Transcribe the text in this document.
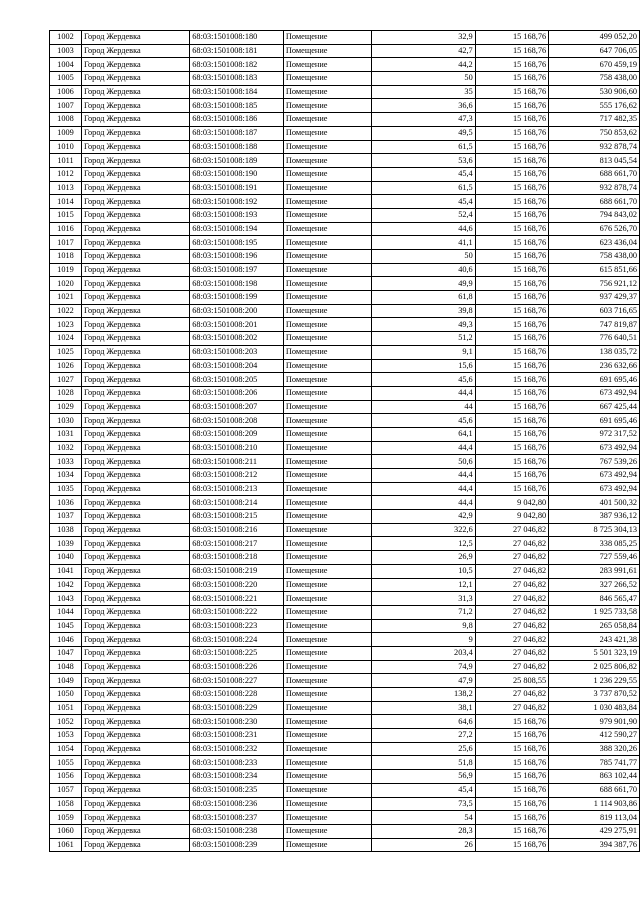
1002	Город Жердевка	68:03:1501008:180	Помещение	32,9	15 168,76	499 052,20
1003	Город Жердевка	68:03:1501008:181	Помещение	42,7	15 168,76	647 706,05
1004	Город Жердевка	68:03:1501008:182	Помещение	44,2	15 168,76	670 459,19
1005	Город Жердевка	68:03:1501008:183	Помещение	50	15 168,76	758 438,00
1006	Город Жердевка	68:03:1501008:184	Помещение	35	15 168,76	530 906,60
1007	Город Жердевка	68:03:1501008:185	Помещение	36,6	15 168,76	555 176,62
1008	Город Жердевка	68:03:1501008:186	Помещение	47,3	15 168,76	717 482,35
1009	Город Жердевка	68:03:1501008:187	Помещение	49,5	15 168,76	750 853,62
1010	Город Жердевка	68:03:1501008:188	Помещение	61,5	15 168,76	932 878,74
1011	Город Жердевка	68:03:1501008:189	Помещение	53,6	15 168,76	813 045,54
1012	Город Жердевка	68:03:1501008:190	Помещение	45,4	15 168,76	688 661,70
1013	Город Жердевка	68:03:1501008:191	Помещение	61,5	15 168,76	932 878,74
1014	Город Жердевка	68:03:1501008:192	Помещение	45,4	15 168,76	688 661,70
1015	Город Жердевка	68:03:1501008:193	Помещение	52,4	15 168,76	794 843,02
1016	Город Жердевка	68:03:1501008:194	Помещение	44,6	15 168,76	676 526,70
1017	Город Жердевка	68:03:1501008:195	Помещение	41,1	15 168,76	623 436,04
1018	Город Жердевка	68:03:1501008:196	Помещение	50	15 168,76	758 438,00
1019	Город Жердевка	68:03:1501008:197	Помещение	40,6	15 168,76	615 851,66
1020	Город Жердевка	68:03:1501008:198	Помещение	49,9	15 168,76	756 921,12
1021	Город Жердевка	68:03:1501008:199	Помещение	61,8	15 168,76	937 429,37
1022	Город Жердевка	68:03:1501008:200	Помещение	39,8	15 168,76	603 716,65
1023	Город Жердевка	68:03:1501008:201	Помещение	49,3	15 168,76	747 819,87
1024	Город Жердевка	68:03:1501008:202	Помещение	51,2	15 168,76	776 640,51
1025	Город Жердевка	68:03:1501008:203	Помещение	9,1	15 168,76	138 035,72
1026	Город Жердевка	68:03:1501008:204	Помещение	15,6	15 168,76	236 632,66
1027	Город Жердевка	68:03:1501008:205	Помещение	45,6	15 168,76	691 695,46
1028	Город Жердевка	68:03:1501008:206	Помещение	44,4	15 168,76	673 492,94
1029	Город Жердевка	68:03:1501008:207	Помещение	44	15 168,76	667 425,44
1030	Город Жердевка	68:03:1501008:208	Помещение	45,6	15 168,76	691 695,46
1031	Город Жердевка	68:03:1501008:209	Помещение	64,1	15 168,76	972 317,52
1032	Город Жердевка	68:03:1501008:210	Помещение	44,4	15 168,76	673 492,94
1033	Город Жердевка	68:03:1501008:211	Помещение	50,6	15 168,76	767 539,26
1034	Город Жердевка	68:03:1501008:212	Помещение	44,4	15 168,76	673 492,94
1035	Город Жердевка	68:03:1501008:213	Помещение	44,4	15 168,76	673 492,94
1036	Город Жердевка	68:03:1501008:214	Помещение	44,4	9 042,80	401 500,32
1037	Город Жердевка	68:03:1501008:215	Помещение	42,9	9 042,80	387 936,12
1038	Город Жердевка	68:03:1501008:216	Помещение	322,6	27 046,82	8 725 304,13
1039	Город Жердевка	68:03:1501008:217	Помещение	12,5	27 046,82	338 085,25
1040	Город Жердевка	68:03:1501008:218	Помещение	26,9	27 046,82	727 559,46
1041	Город Жердевка	68:03:1501008:219	Помещение	10,5	27 046,82	283 991,61
1042	Город Жердевка	68:03:1501008:220	Помещение	12,1	27 046,82	327 266,52
1043	Город Жердевка	68:03:1501008:221	Помещение	31,3	27 046,82	846 565,47
1044	Город Жердевка	68:03:1501008:222	Помещение	71,2	27 046,82	1 925 733,58
1045	Город Жердевка	68:03:1501008:223	Помещение	9,8	27 046,82	265 058,84
1046	Город Жердевка	68:03:1501008:224	Помещение	9	27 046,82	243 421,38
1047	Город Жердевка	68:03:1501008:225	Помещение	203,4	27 046,82	5 501 323,19
1048	Город Жердевка	68:03:1501008:226	Помещение	74,9	27 046,82	2 025 806,82
1049	Город Жердевка	68:03:1501008:227	Помещение	47,9	25 808,55	1 236 229,55
1050	Город Жердевка	68:03:1501008:228	Помещение	138,2	27 046,82	3 737 870,52
1051	Город Жердевка	68:03:1501008:229	Помещение	38,1	27 046,82	1 030 483,84
1052	Город Жердевка	68:03:1501008:230	Помещение	64,6	15 168,76	979 901,90
1053	Город Жердевка	68:03:1501008:231	Помещение	27,2	15 168,76	412 590,27
1054	Город Жердевка	68:03:1501008:232	Помещение	25,6	15 168,76	388 320,26
1055	Город Жердевка	68:03:1501008:233	Помещение	51,8	15 168,76	785 741,77
1056	Город Жердевка	68:03:1501008:234	Помещение	56,9	15 168,76	863 102,44
1057	Город Жердевка	68:03:1501008:235	Помещение	45,4	15 168,76	688 661,70
1058	Город Жердевка	68:03:1501008:236	Помещение	73,5	15 168,76	1 114 903,86
1059	Город Жердевка	68:03:1501008:237	Помещение	54	15 168,76	819 113,04
1060	Город Жердевка	68:03:1501008:238	Помещение	28,3	15 168,76	429 275,91
1061	Город Жердевка	68:03:1501008:239	Помещение	26	15 168,76	394 387,76
